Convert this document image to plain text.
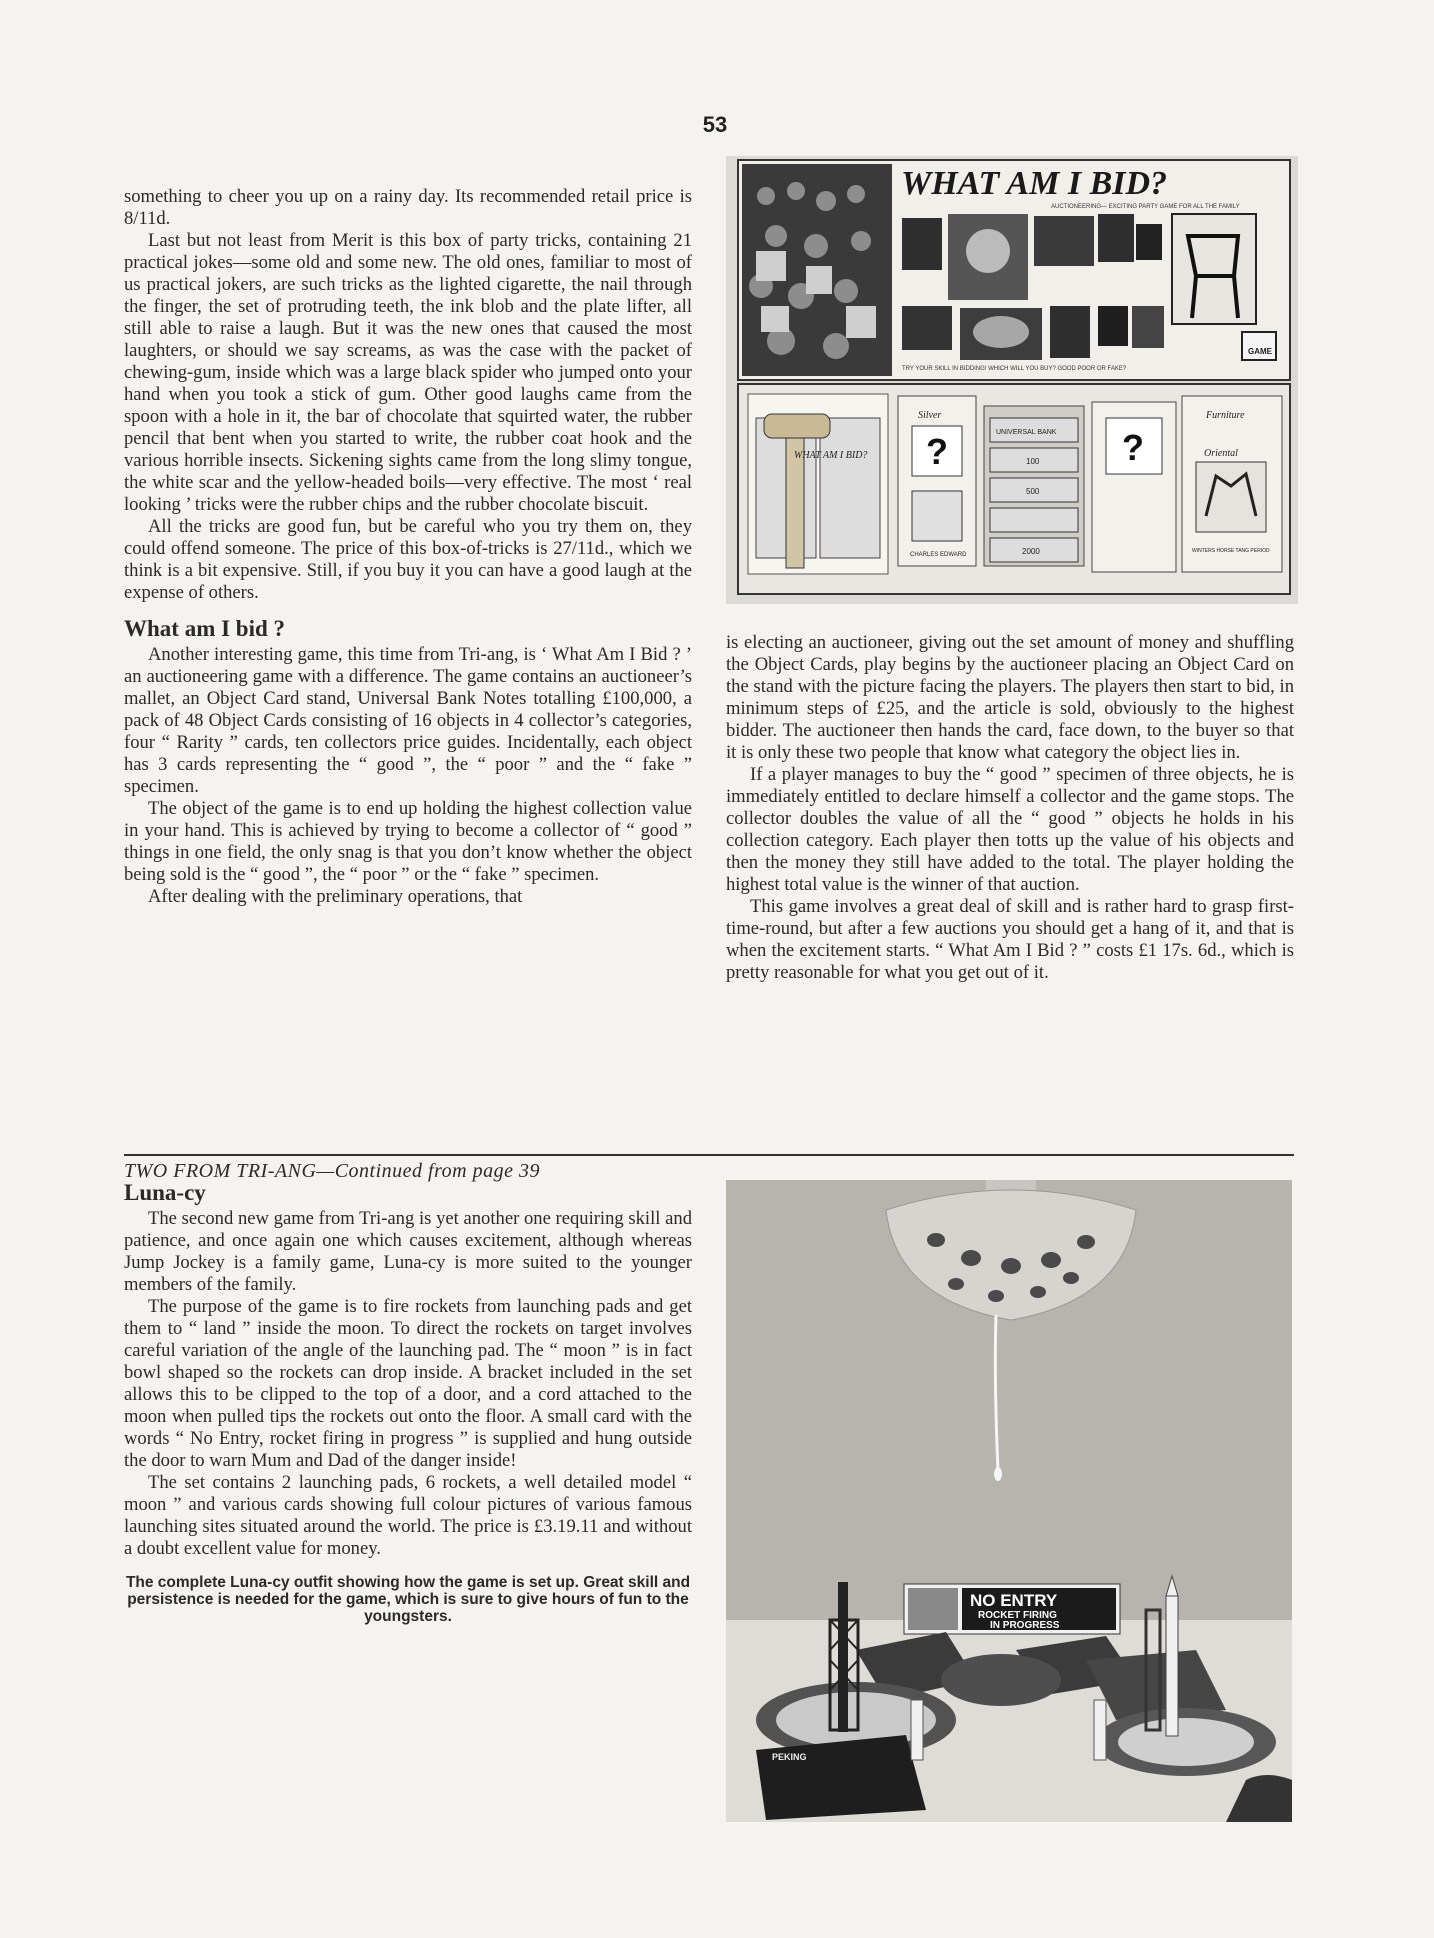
53

something to cheer you up on a rainy day. Its recommended retail price is 8/11d.

Last but not least from Merit is this box of party tricks, containing 21 practical jokes—some old and some new. The old ones, familiar to most of us practical jokers, are such tricks as the lighted cigarette, the nail through the finger, the set of protruding teeth, the ink blob and the plate lifter, all still able to raise a laugh. But it was the new ones that caused the most laughters, or should we say screams, as was the case with the packet of chewing-gum, inside which was a large black spider who jumped onto your hand when you took a stick of gum. Other good laughs came from the spoon with a hole in it, the bar of chocolate that squirted water, the rubber pencil that bent when you started to write, the rubber coat hook and the various horrible insects. Sickening sights came from the long slimy tongue, the white scar and the yellow-headed boils—very effective. The most ‘ real looking ’ tricks were the rubber chips and the rubber chocolate biscuit.

All the tricks are good fun, but be careful who you try them on, they could offend someone. The price of this box-of-tricks is 27/11d., which we think is a bit expensive. Still, if you buy it you can have a good laugh at the expense of others.

What am I bid ?

Another interesting game, this time from Tri-ang, is ‘ What Am I Bid ? ’ an auctioneering game with a difference. The game contains an auctioneer’s mallet, an Object Card stand, Universal Bank Notes totalling £100,000, a pack of 48 Object Cards consisting of 16 objects in 4 collector’s categories, four “ Rarity ” cards, ten collectors price guides. Incidentally, each object has 3 cards representing the “ good ”, the “ poor ” and the “ fake ” specimen.

The object of the game is to end up holding the highest collection value in your hand. This is achieved by trying to become a collector of “ good ” things in one field, the only snag is that you don’t know whether the object being sold is the “ good ”, the “ poor ” or the “ fake ” specimen.

After dealing with the preliminary operations, that

WHAT AM I BID?
AUCTIONEERING— EXCITING PARTY GAME FOR ALL THE FAMILY
GAME
TRY YOUR SKILL IN BIDDING! WHICH WILL YOU BUY? GOOD POOR OR FAKE?
WHAT AM I BID?
Silver
?
CHARLES EDWARD
UNIVERSAL BANK
100
500
2000
?
Furniture
Oriental
WINTERS HORSE TANG PERIOD

is electing an auctioneer, giving out the set amount of money and shuffling the Object Cards, play begins by the auctioneer placing an Object Card on the stand with the picture facing the players. The players then start to bid, in minimum steps of £25, and the article is sold, obviously to the highest bidder. The auctioneer then hands the card, face down, to the buyer so that it is only these two people that know what category the object lies in.

If a player manages to buy the “ good ” specimen of three objects, he is immediately entitled to declare himself a collector and the game stops. The collector doubles the value of all the “ good ” objects he holds in his collection category. Each player then totts up the value of his objects and then the money they still have added to the total. The player holding the highest total value is the winner of that auction.

This game involves a great deal of skill and is rather hard to grasp first-time-round, but after a few auctions you should get a hang of it, and that is when the excitement starts. “ What Am I Bid ? ” costs £1 17s. 6d., which is pretty reasonable for what you get out of it.

TWO FROM TRI-ANG—Continued from page 39

Luna-cy

The second new game from Tri-ang is yet another one requiring skill and patience, and once again one which causes excitement, although whereas Jump Jockey is a family game, Luna-cy is more suited to the younger members of the family.

The purpose of the game is to fire rockets from launching pads and get them to “ land ” inside the moon. To direct the rockets on target involves careful variation of the angle of the launching pad. The “ moon ” is in fact bowl shaped so the rockets can drop inside. A bracket included in the set allows this to be clipped to the top of a door, and a cord attached to the moon when pulled tips the rockets out onto the floor. A small card with the words “ No Entry, rocket firing in progress ” is supplied and hung outside the door to warn Mum and Dad of the danger inside!

The set contains 2 launching pads, 6 rockets, a well detailed model “ moon ” and various cards showing full colour pictures of various famous launching sites situated around the world. The price is £3.19.11 and without a doubt excellent value for money.

The complete Luna-cy outfit showing how the game is set up. Great skill and persistence is needed for the game, which is sure to give hours of fun to the youngsters.
NO ENTRY
ROCKET FIRING
IN PROGRESS
PEKING
